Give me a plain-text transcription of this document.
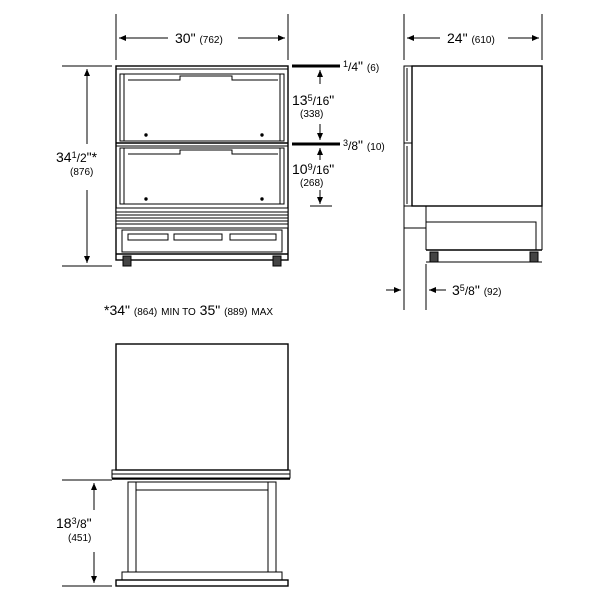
30" (762)
$34^1/2"*$
(876)
$^1$/4" (6)
$13^5/16$"
(338)
$^3$/8" (10)
$10^9/16$"
(268)
*34" (864) MIN TO 35" (889) MAX
24" (610)
$3^5/8$" (92)
$18^3/8$"
(451)
